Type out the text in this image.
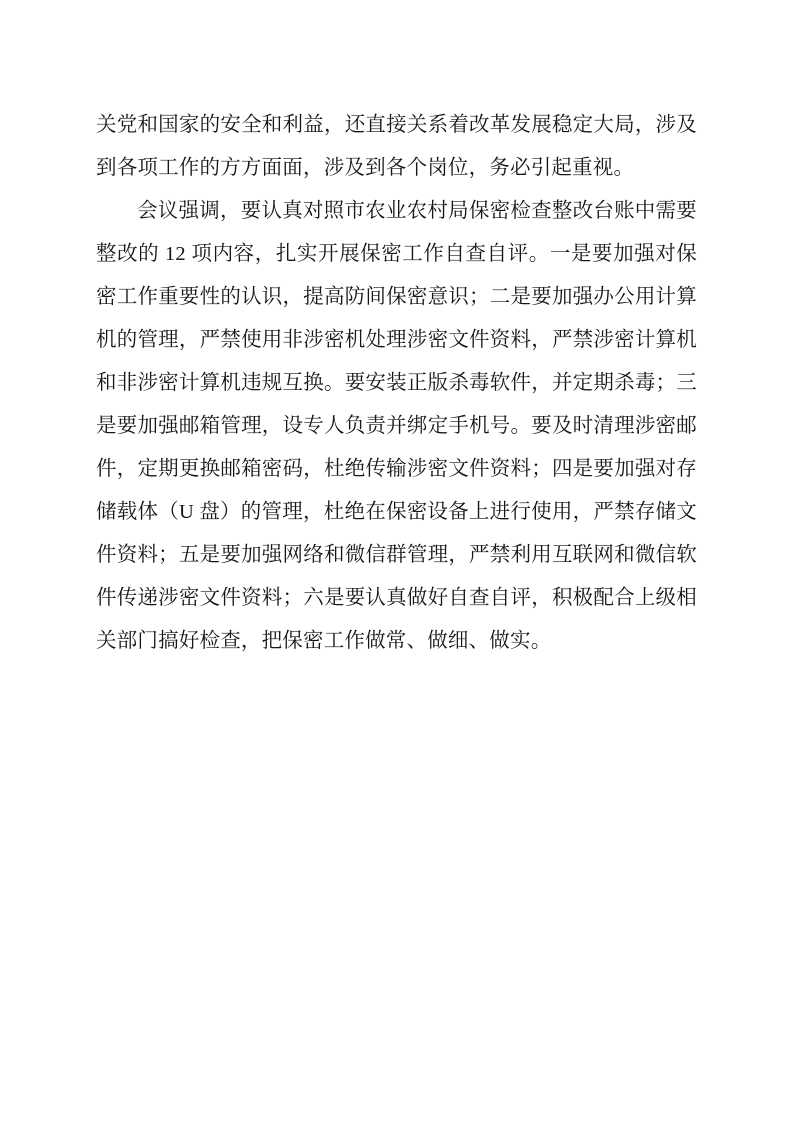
关党和国家的安全和利益，还直接关系着改革发展稳定大局，涉及到各项工作的方方面面，涉及到各个岗位，务必引起重视。

会议强调，要认真对照市农业农村局保密检查整改台账中需要整改的 12 项内容，扎实开展保密工作自查自评。一是要加强对保密工作重要性的认识，提高防间保密意识；二是要加强办公用计算机的管理，严禁使用非涉密机处理涉密文件资料，严禁涉密计算机和非涉密计算机违规互换。要安装正版杀毒软件，并定期杀毒；三是要加强邮箱管理，设专人负责并绑定手机号。要及时清理涉密邮件，定期更换邮箱密码，杜绝传输涉密文件资料；四是要加强对存储载体（U 盘）的管理，杜绝在保密设备上进行使用，严禁存储文件资料；五是要加强网络和微信群管理，严禁利用互联网和微信软件传递涉密文件资料；六是要认真做好自查自评，积极配合上级相关部门搞好检查，把保密工作做常、做细、做实。
